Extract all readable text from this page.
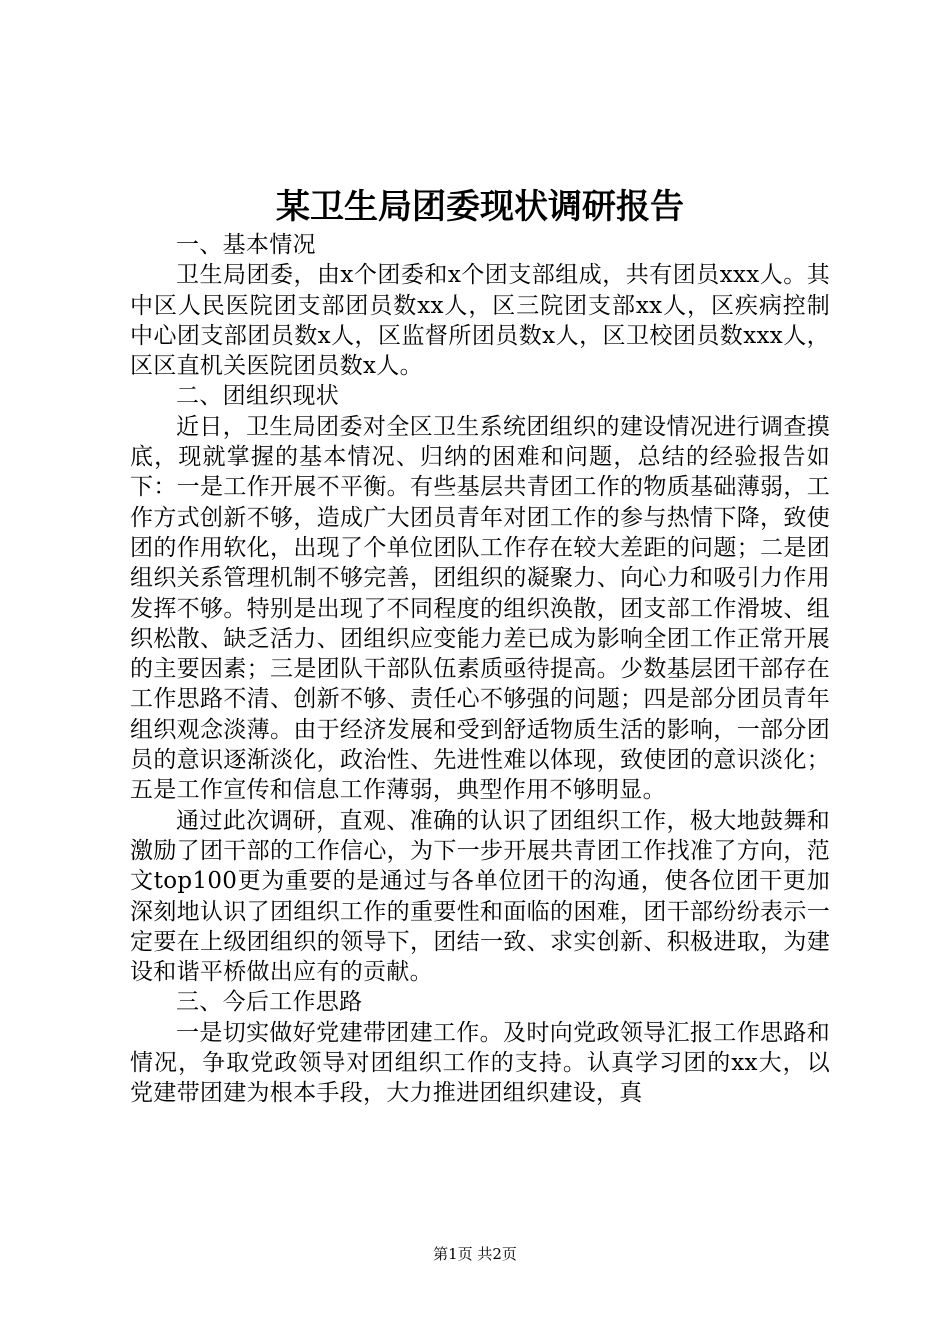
某卫生局团委现状调研报告

一、基本情况

卫生局团委，由x个团委和x个团支部组成，共有团员xxx人。其中区人民医院团支部团员数xx人，区三院团支部xx人，区疾病控制中心团支部团员数x人，区监督所团员数x人，区卫校团员数xxx人，区区直机关医院团员数x人。

二、团组织现状

近日，卫生局团委对全区卫生系统团组织的建设情况进行调查摸底，现就掌握的基本情况、归纳的困难和问题，总结的经验报告如下：一是工作开展不平衡。有些基层共青团工作的物质基础薄弱，工作方式创新不够，造成广大团员青年对团工作的参与热情下降，致使团的作用软化，出现了个单位团队工作存在较大差距的问题；二是团组织关系管理机制不够完善，团组织的凝聚力、向心力和吸引力作用发挥不够。特别是出现了不同程度的组织涣散，团支部工作滑坡、组织松散、缺乏活力、团组织应变能力差已成为影响全团工作正常开展的主要因素；三是团队干部队伍素质亟待提高。少数基层团干部存在工作思路不清、创新不够、责任心不够强的问题；四是部分团员青年组织观念淡薄。由于经济发展和受到舒适物质生活的影响，一部分团员的意识逐渐淡化，政治性、先进性难以体现，致使团的意识淡化；五是工作宣传和信息工作薄弱，典型作用不够明显。

通过此次调研，直观、准确的认识了团组织工作，极大地鼓舞和激励了团干部的工作信心，为下一步开展共青团工作找准了方向，范文top100更为重要的是通过与各单位团干的沟通，使各位团干更加深刻地认识了团组织工作的重要性和面临的困难，团干部纷纷表示一定要在上级团组织的领导下，团结一致、求实创新、积极进取，为建设和谐平桥做出应有的贡献。

三、今后工作思路

一是切实做好党建带团建工作。及时向党政领导汇报工作思路和情况，争取党政领导对团组织工作的支持。认真学习团的xx大，以党建带团建为根本手段，大力推进团组织建设，真

第1页 共2页
